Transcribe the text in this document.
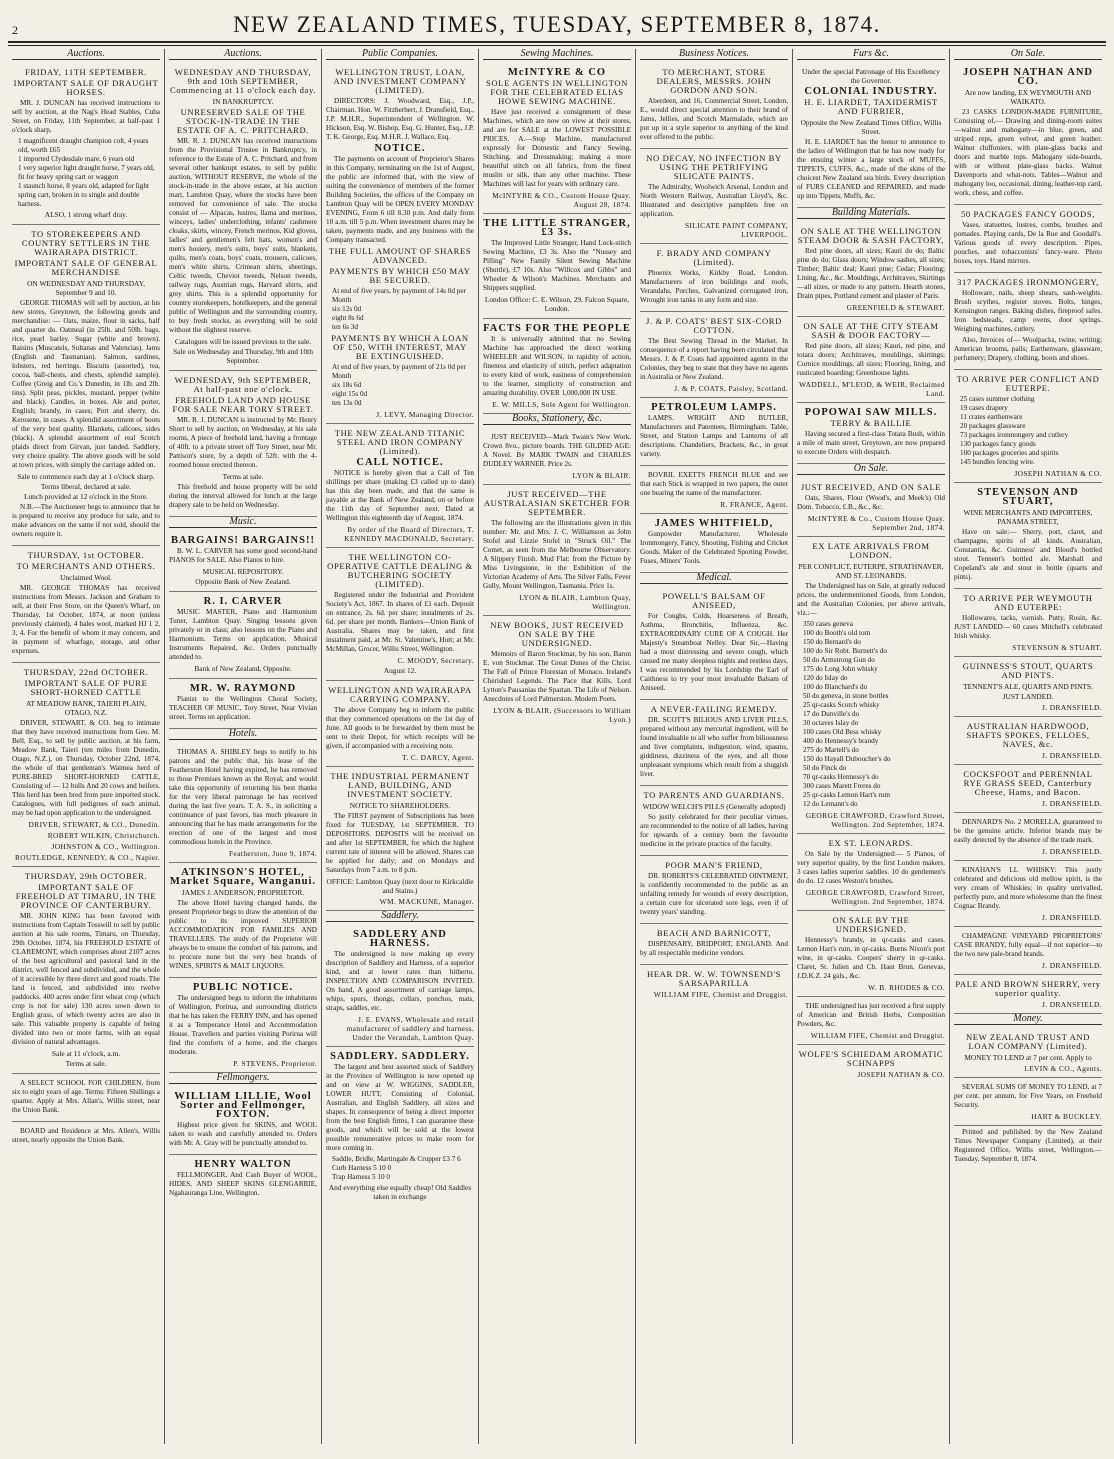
2	NEW ZEALAND TIMES, TUESDAY, SEPTEMBER 8, 1874.
Auctions.
FRIDAY, 11TH SEPTEMBER.
IMPORTANT SALE OF DRAUGHT HORSES.

MR. J. DUNCAN has received instructions to sell by auction, at the Nag's Head Stables, Cuba Street, on Friday, 11th September, at half-past 1 o'clock sharp,

1 magnificent draught champion colt, 4 years old, worth £65

1 imported Clydesdale mare, 6 years old

1 very superior light draught horse, 7 years old, fit for heavy spring cart or waggon

1 staunch horse, 8 years old, adapted for light spring cart, broken in to single and double harness.

ALSO, 1 strong wharf dray.
TO STOREKEEPERS AND COUNTRY SETTLERS IN THE WAIRARAPA DISTRICT.
IMPORTANT SALE OF GENERAL MERCHANDISE
ON WEDNESDAY AND THURSDAY, September 9 and 10.

GEORGE THOMAS will sell by auction, at his new stores, Greytown, the following goods and merchandise: — Oats, maize, flour in sacks, half and quarter do. Oatmeal (in 25lb. and 50lb. bags, rice, pearl barley. Sugar (white and brown). Raisins (Muscatels, Sultanas and Valencias). Jams (English and Tasmanian). Salmon, sardines, lobsters, red herrings. Biscuits (assorted), tea, cocoa, ball-chests, and chests, splendid sample). Coffee (Greig and Co.'s Dunedin, in 1lb. and 2lb. tins). Split peas, pickles, mustard, pepper (white and black). Candles, in boxes. Ale and porter, English; brandy, in cases; Port and sherry, do. Kerosene, in cases. A splendid assortment of boots of the very best quality. Blankets, calicoes, sides (black). A splendid assortment of real Scotch plaids direct from Girvan, just landed. Saddlery, very choice quality. The above goods will be sold at town prices, with simply the carriage added on.

Sale to commence each day at 1 o'clock sharp.
Terms liberal, declared at sale.
Lunch provided at 12 o'clock in the Store.

N.B.—The Auctioneer begs to announce that he is prepared to receive any produce for sale, and to make advances on the same if not sold, should the owners require it.

THURSDAY, 1st OCTOBER.
TO MERCHANTS AND OTHERS.
Unclaimed Wool.

MR. GEORGE THOMAS has received instructions from Messrs. Jackson and Graham to sell, at their Free Store, on the Queen's Wharf, on Thursday, 1st October, 1874, at noon (unless previously claimed), 4 bales wool, marked HJ 1 2, 3, 4. For the benefit of whom it may concern, and in payment of wharfage, storage, and other expenses.

THURSDAY, 22nd OCTOBER.
IMPORTANT SALE OF PURE SHORT-HORNED CATTLE
AT MEADOW BANK, TAIERI PLAIN, OTAGO, N.Z.

DRIVER, STEWART, & CO. beg to intimate that they have received instructions from Geo. M. Bell, Esq., to sell by public auction, at his farm, Meadow Bank, Taieri (ten miles from Dunedin, Otago, N.Z.), on Thursday, October 22nd, 1874, the whole of that gentleman's Waimea herd of PURE-BRED SHORT-HORNED CATTLE, Consisting of — 12 bulls And 20 cows and heifers. This herd has been bred from pure imported stock. Catalogues, with full pedigrees of each animal, may be had upon application to the undersigned.

DRIVER, STEWART, & CO., Dunedin.
ROBERT WILKIN, Christchurch.
JOHNSTON & CO., Wellington.
ROUTLEDGE, KENNEDY, & CO., Napier.
THURSDAY, 29th OCTOBER.
IMPORTANT SALE OF FREEHOLD AT TIMARU, IN THE PROVINCE OF CANTERBURY.

MR. JOHN KING has been favored with instructions from Captain Tosswill to sell by public auction at his sale rooms, Timaru, on Thursday, 29th October, 1874, his FREEHOLD ESTATE of CLAREMONT, which comprises about 2107 acres of the best agricultural and pastoral land in the district, well fenced and subdivided, and the whole of it accessible by three direct and good roads. The land is fenced, and subdivided into twelve paddocks. 400 acres under first wheat crop (which crop is not for sale) 130 acres sown down to English grass, of which twenty acres are also in sale. This valuable property is capable of being divided into two or more farms, with an equal division of natural advantages.

Sale at 11 o'clock, a.m.
Terms at sale.

A SELECT SCHOOL FOR CHILDREN, from six to eight years of age. Terms: Fifteen Shillings a quarter. Apply at Mrs. Allan's, Willis street, near the Union Bank.

BOARD and Residence at Mrs. Allen's, Willis street, nearly opposite the Union Bank.

Auctions.
WEDNESDAY AND THURSDAY, 9th and 10th SEPTEMBER, Commencing at 11 o'clock each day.
IN BANKRUPTCY.
UNRESERVED SALE OF THE STOCK-IN-TRADE IN THE ESTATE OF A. C. PRITCHARD.

MR. R. J. DUNCAN has received instructions from the Provisional Trustee in Bankruptcy, in reference to the Estate of A. C. Pritchard, and from several other bankrupt estates, to sell by public auction, WITHOUT RESERVE, the whole of the stock-in-trade in the above estate, at his auction mart, Lambton Quay, where the stocks have been removed for convenience of sale. The stocks consist of — Alpacas, lustres, llama and merinos, winceys, ladies' underclothing, infants' cashmere cloaks, skirts, wincey, French merinos, Kid gloves, ladies' and gentlemen's felt hats, women's and men's hosiery, men's suits, boys' suits, blankets, quilts, men's coats, boys' coats, trousers, calicoes, men's white shirts, Crimean shirts, sheetings, Celtic tweeds, Cheviot tweeds, Nelson tweeds, railway rugs, Austrian rugs, Harvard shirts, and grey shirts. This is a splendid opportunity for country storekeepers, hotelkeepers, and the general public of Wellington and the surrounding country, to buy fresh stocks, as everything will be sold without the slightest reserve.

Catalogues will be issued previous to the sale.
Sale on Wednesday and Thursday, 9th and 10th September.
WEDNESDAY, 9th SEPTEMBER, At half-past one o'clock.
FREEHOLD LAND AND HOUSE FOR SALE NEAR TORY STREET.

MR. R. J. DUNCAN is instructed by Mr. Henry Short to sell by auction, on Wednesday, at his sale rooms, A piece of freehold land, having a frontage of 40ft. to a private street off Tory Street, near Mr. Pattison's store, by a depth of 52ft. with the 4-roomed house erected thereon.

Terms at sale.

This freehold and house property will be sold during the interval allowed for lunch at the large drapery sale to be held on Wednesday.

Music.
BARGAINS! BARGAINS!!

B. W. L. CARVER has some good second-hand PIANOS for SALE. Also Pianos to hire.

MUSICAL REPOSITORY.
Opposite Bank of New Zealand.
R. I. CARVER

MUSIC MASTER, Piano and Harmonium Tuner, Lambton Quay. Singing lessons given privately or in class; also lessons on the Piano and Harmonium. Terms on application. Musical Instruments Repaired, &c. Orders punctually attended to.

Bank of New Zealand, Opposite.
MR. W. RAYMOND

Pianist to the Wellington Choral Society, TEACHER OF MUSIC, Tory Street, Near Vivian street. Terms on application.

Hotels.

THOMAS A. SHIBLEY begs to notify to his patrons and the public that, his lease of the Featherston Hotel having expired, he has removed to those Premises known as the Royal, and would take this opportunity of returning his best thanks for the very liberal patronage he has received during the last five years. T. A. S., in soliciting a continuance of past favors, has much pleasure in announcing that he has made arrangements for the erection of one of the largest and most commodious hotels in the Province.

Featherston, June 9, 1874.
ATKINSON'S HOTEL, Market Square, Wanganui.
JAMES J. ANDERSON, PROPRIETOR.

The above Hotel having changed hands, the present Proprietor begs to draw the attention of the public to its improved SUPERIOR ACCOMMODATION FOR FAMILIES AND TRAVELLERS. The study of the Proprietor will always be to ensure the comfort of his patrons, and to procure none but the very best brands of WINES, SPIRITS & MALT LIQUORS.

PUBLIC NOTICE.

The undersigned begs to inform the inhabitants of Wellington, Porirua, and surrounding districts that he has taken the FERRY INN, and has opened it as a Temperance Hotel and Accommodation House. Travellers and parties visiting Porirua will find the comforts of a home, and the charges moderate.

P. STEVENS, Proprietor.
Fellmongers.
WILLIAM LILLIE, Wool Sorter and Fellmonger, FOXTON.

Highest price given for SKINS, and WOOL taken to wash and carefully attended to. Orders with Mr. A. Gray will be punctually attended to.

HENRY WALTON

FELLMONGER, And Cash Buyer of WOOL, HIDES, AND SHEEP SKINS GLENGARRIE, Ngahauranga Line, Wellington.

Public Companies.
WELLINGTON TRUST, LOAN, AND INVESTMENT COMPANY (LIMITED).

DIRECTORS: J. Woodward, Esq., J.P., Chairman. Hon. W. Fitzherbert, J. Dransfield, Esq., J.P. M.H.R., Superintendent of Wellington. W. Hickson, Esq. W. Bishop, Esq. G. Hunter, Esq., J.P. T. K. George, Esq. M.H.R. J. Wallace, Esq.

NOTICE.

The payments on account of Proprietor's Shares in this Company, terminating on the 1st of August, the public are informed that, with the view of suiting the convenience of members of the former Building Societies, the offices of the Company on Lambton Quay will be OPEN EVERY MONDAY EVENING, From 6 till 8.30 p.m. And daily from 10 a.m. till 5 p.m. When investment shares may be taken, payments made, and any business with the Company transacted.

THE FULL AMOUNT OF SHARES ADVANCED.
PAYMENTS BY WHICH £50 MAY BE SECURED.

At end of five years, by payment of 14s 0d per Month

six 12s 0d

eight 8s 6d

ten 6s 3d

PAYMENTS BY WHICH A LOAN OF £50, WITH INTEREST, MAY BE EXTINGUISHED.

At end of five years, by payment of 21s 0d per Month

six 18s 6d

eight 15s 0d

ten 13s 0d

J. LEVY, Managing Director.
THE NEW ZEALAND TITANIC STEEL AND IRON COMPANY (Limited).
CALL NOTICE.

NOTICE is hereby given that a Call of Ten shillings per share (making £3 called up to date) has this day been made, and that the same is payable at the Bank of New Zealand, on or before the 11th day of September next. Dated at Wellington this eighteenth day of August, 1874.

By order of the Board of Directors, T. KENNEDY MACDONALD, Secretary.
THE WELLINGTON CO-OPERATIVE CATTLE DEALING & BUTCHERING SOCIETY (LIMITED).

Registered under the Industrial and Provident Society's Act, 1867. In shares of £1 each. Deposit on entrance, 2s. 6d. per share; instalments of 2s. 6d. per share per month. Bankers—Union Bank of Australia. Shares may be taken, and first instalment paid, at Mr. St. Valentine's, Hutt; at Mr. McMillan, Grocer, Willis Street, Wellington.

C. MOODY, Secretary.
August 12.
WELLINGTON AND WAIRARAPA CARRYING COMPANY.

The above Company beg to inform the public that they commenced operations on the 1st day of June. All goods to be forwarded by them must be sent to their Depot, for which receipts will be given, if accompanied with a receiving note.

T. C. DARCY, Agent.
THE INDUSTRIAL PERMANENT LAND, BUILDING, AND INVESTMENT SOCIETY.
NOTICE TO SHAREHOLDERS.

The FIRST payment of Subscriptions has been fixed for TUESDAY, 1st SEPTEMBER. TO DEPOSITORS. DEPOSITS will be received on and after 1st SEPTEMBER, for which the highest current rate of interest will be allowed. Shares can be applied for daily; and on Mondays and Saturdays from 7 a.m. to 8 p.m.

OFFICE: Lambton Quay (next door to Kirkcaldie and Stains.)
WM. MACKUNE, Manager.
Saddlery.
SADDLERY AND HARNESS.

The undersigned is now making up every description of Saddlery and Harness, of a superior kind, and at lower rates than hitherto. INSPECTION AND COMPARISON INVITED. On hand, A good assortment of carriage lamps, whips, spurs, thongs, collars, ponchos, mats, straps, saddles, etc.

J. E. EVANS, Wholesale and retail manufacturer of saddlery and harness. Under the Verandah, Lambton Quay.
SADDLERY. SADDLERY.

The largest and best assorted stock of Saddlery in the Province of Wellington is now opened up and on view at W. WIGGINS, SADDLER, LOWER HUTT, Consisting of Colonial, Australian, and English Saddlery, all sizes and shapes. In consequence of being a direct importer from the best English firms, I can guarantee these goods, and which will be sold at the lowest possible remunerative prices to make room for more coming in.

Saddle, Bridle, Martingale & Crupper £3 7 6

Curb Harness 5 10 0

Trap Harness 5 10 0

And everything else equally cheap! Old Saddles taken in exchange
Sewing Machines.
McINTYRE & CO
SOLE AGENTS IN WELLINGTON FOR THE CELEBRATED ELIAS HOWE SEWING MACHINE.

Have just received a consignment of these Machines, which are now on view at their stores, and are for SALE at the LOWEST POSSIBLE PRICES. A.—Stop Machine, manufactured expressly for Domestic and Fancy Sewing, Stitching, and Dressmaking; making a more beautiful stitch on all fabrics, from the finest muslin or silk, than any other machine. These Machines will last for years with ordinary care.

McINTYRE & CO., Custom House Quay. August 28, 1874.
THE LITTLE STRANGER, £3 3s.

The Improved Little Stranger, Hand Lock-stitch Sewing Machine, £3 3s. Also the "Nussey and Pilling" New Family Silent Sewing Machine (Shuttle), £7 10s. Also "Willcox and Gibbs" and Wheeler & Wilson's Machines. Merchants and Shippers supplied.

London Office: C. E. Wilson, 29, Falcon Square, London.
FACTS FOR THE PEOPLE

It is universally admitted that no Sewing Machine has approached the direct working WHEELER and WILSON, in rapidity of action, fineness and elasticity of stitch, perfect adaptation to every kind of work, easiness of comprehension to the learner, simplicity of construction and amazing durability. OVER 1,000,000 IN USE.

E. W. MILLS, Sole Agent for Wellington.
Books, Stationery, &c.

JUST RECEIVED—Mark Twain's New Work. Crown 8vo., picture boards. THE GILDED AGE: A Novel. By MARK TWAIN and CHARLES DUDLEY WARNER. Price 2s.

LYON & BLAIR.
JUST RECEIVED—THE AUSTRALASIAN SKETCHER FOR SEPTEMBER.

The following are the illustrations given in this number: Mr. and Mrs. J. C. Williamson as John Stofel and Lizzie Stofel in "Struck Oil." The Comet, as seen from the Melbourne Observatory. A Slippery Finish. Mud Flat: from the Picture by Miss Livingstone, in the Exhibition of the Victorian Academy of Arts. The Silver Falls, Fever Gully, Mount Wellington, Tasmania. Price 1s.

LYON & BLAIR, Lambton Quay, Wellington.
NEW BOOKS, JUST RECEIVED ON SALE BY THE UNDERSIGNED.

Memoirs of Baron Stockmar, by his son, Baron E. von Stockmar. The Great Dunes of the Christ. The Fall of Prince Florestan of Monaco. Ireland's Cherished Legends. The Pace that Kills. Lord Lytton's Pausanias the Spartan. The Life of Nelson. Anecdotes of Lord Palmerston. Modern Poets.

LYON & BLAIR, (Successors to William Lyon.)
Business Notices.
TO MERCHANT, STORE DEALERS, MESSRS. JOHN GORDON AND SON.

Aberdeen, and 16, Commercial Street, London, E., would direct special attention to their brand of Jams, Jellies, and Scotch Marmalade, which are put up in a style superior to anything of the kind ever offered to the public.

NO DECAY, NO INFECTION BY USING THE PETRIFYING SILICATE PAINTS.

The Admiralty, Woolwich Arsenal, London and North Western Railway, Australian Lloyd's, &c. Illustrated and descriptive pamphlets free on application.

SILICATE PAINT COMPANY, LIVERPOOL.
F. BRADY AND COMPANY (Limited).

Phoenix Works, Kirkby Road, London. Manufacturers of iron buildings and roofs, Verandahs, Porches, Galvanized corrugated iron, Wrought iron tanks in any form and size.

J. & P. COATS' BEST SIX-CORD COTTON.

The Best Sewing Thread in the Market. In consequence of a report having been circulated that Messrs. J. & P. Coats had appointed agents in the Colonies, they beg to state that they have no agents in Australia or New Zealand.

J. & P. COATS, Paisley, Scotland.
PETROLEUM LAMPS.

LAMPS. WRIGHT AND BUTLER, Manufacturers and Patentees, Birmingham. Table, Street, and Station Lamps and Lanterns of all descriptions. Chandeliers, Brackets, &c., in great variety.

BOVRIL EXETTS FRENCH BLUE and see that each Stick is wrapped in two papers, the outer one bearing the name of the manufacturer.

R. FRANCE, Agent.
JAMES WHITFIELD,

Gunpowder Manufacturer, Wholesale Ironmongery, Fancy, Shooting, Fishing and Cricket Goods. Maker of the Celebrated Sporting Powder, Fuses, Miners' Tools.

Medical.
POWELL'S BALSAM OF ANISEED,

For Coughs, Colds, Hoarseness of Breath, Asthma, Bronchitis, Influenza, &c. EXTRAORDINARY CURE OF A COUGH. Her Majesty's Steamboat Nelley. Dear Sir,—Having had a most distressing and severe cough, which caused me many sleepless nights and restless days, I was recommended by his Lordship the Earl of Caithness to try your most invaluable Balsam of Aniseed.

A NEVER-FAILING REMEDY.

DR. SCOTT'S BILIOUS AND LIVER PILLS, prepared without any mercurial ingredient, will be found invaluable to all who suffer from biliousness and liver complaints, indigestion, wind, spasms, giddiness, dizziness of the eyes, and all those unpleasant symptoms which result from a sluggish liver.

TO PARENTS AND GUARDIANS.
WIDOW WELCH'S PILLS (Generally adopted)

So justly celebrated for their peculiar virtues, are recommended to the notice of all ladies, having for upwards of a century been the favourite medicine in the private practice of the faculty.

POOR MAN'S FRIEND,

DR. ROBERTS'S CELEBRATED OINTMENT, is confidently recommended to the public as an unfailing remedy for wounds of every description, a certain cure for ulcerated sore legs, even if of twenty years' standing.

BEACH AND BARNICOTT,

DISPENSARY, BRIDPORT, ENGLAND. And by all respectable medicine vendors.

HEAR DR. W. W. TOWNSEND'S SARSAPARILLA
WILLIAM FIFE, Chemist and Druggist.
Furs &c.
Under the special Patronage of His Excellency the Governor.
COLONIAL INDUSTRY.
H. E. LIARDET, TAXIDERMIST AND FURRIER,
Opposite the New Zealand Times Office, Willis Street.

H. E. LIARDET has the honor to announce to the ladies of Wellington that he has now ready for the ensuing winter a large stock of MUFFS, TIPPETS, CUFFS, &c., made of the skins of the choicest New Zealand sea birds. Every description of FURS CLEANED and REPAIRED, and made up into Tippets, Muffs, &c.

Building Materials.
ON SALE AT THE WELLINGTON STEAM DOOR & SASH FACTORY,

Red pine doors, all sizes; Kauri do do; Baltic pine do do; Glass doors; Window sashes, all sizes; Timber; Baltic deal; Kauri pine; Cedar; Flooring; Lining, &c., &c. Mouldings, Architraves, Skirtings—all sizes, or made to any pattern. Hearth stones, Drain pipes, Portland cement and plaster of Paris.

GREENFIELD & STEWART.
ON SALE AT THE CITY STEAM SASH & DOOR FACTORY—

Red pine doors, all sizes; Kauri, red pine, and totara doors; Architraves, mouldings, skirtings; Cornice mouldings, all sizes; Flooring, lining, and rusticated boarding; Greenhouse lights.

WADDELL, M'LEOD, & WEIR, Reclaimed Land.
POPOWAI SAW MILLS.
TERRY & BAILLIE

Having secured a first-class Totara Bush, within a mile of main street, Greytown, are now prepared to execute Orders with despatch.

On Sale.
JUST RECEIVED, AND ON SALE

Oats, Shares, Flour (Wood's, and Meek's) Old Dom. Tobacco, £.B., &c., &c.

McINTYRE & Co., Custom House Quay. September 2nd, 1874.
EX LATE ARRIVALS FROM LONDON.
PER CONFLICT, EUTERPE, STRATHNAVER, AND ST. LEONARDS.

The Undersigned has on Sale, at greatly reduced prices, the undermentioned Goods, from London, and the Australian Colonies, per above arrivals, viz.:—

350 cases geneva

100 do Booth's old tom

150 do Bernard's do

100 do Sir Robt. Burnett's do

50 do Armstrong Gun do

175 do Long John whisky

120 do Islay do

100 do Blanchard's do

50 do geneva, in stone bottles

25 qr-casks Scotch whisky

17 do Dunville's do

30 octaves Islay do

100 cases Old Bess whisky

400 do Hennessy's brandy

275 do Martell's do

150 do Hayall Duboucher's do

50 do Finck do

70 qr-casks Hennessy's do

300 cases Marett Freres do

25 qr-casks Lemon Hart's rum

12 do Lemann's do

GEORGE CRAWFORD, Crawford Street, Wellington. 2nd September, 1874.
EX ST. LEONARDS.

On Sale by the Undersigned:— 5 Pianos, of very superior quality, by the first London makers. 3 cases ladies superior saddles. 10 do gentlemen's do do. 12 cases Weston's brushes.

GEORGE CRAWFORD, Crawford Street, Wellington. 2nd September, 1874.
ON SALE BY THE UNDERSIGNED.

Hennessy's brandy, in qr-casks and cases. Lemon Hart's rum, in qr-casks. Burns Nixon's port wine, in qr-casks. Coopers' sherry in qr-casks. Claret, St. Julien and Ch. Haut Brun. Genevas, J.D.K.Z. 24 gals., &c.

W. B. RHODES & CO.

THE undersigned has just received a first supply of American and British Herbs, Composition Powders, &c.

WILLIAM FIFE, Chemist and Druggist.
WOLFE'S SCHIEDAM AROMATIC SCHNAPPS
JOSEPH NATHAN & CO.
On Sale.
JOSEPH NATHAN AND CO.
Are now landing, EX WEYMOUTH AND WAIKATO.

23 CASKS LONDON-MADE FURNITURE, Consisting of,— Drawing and dining-room suites—walnut and mahogany—in blue, green, and striped reps, green velvet, and green leather. Walnut chiffoniers, with plate-glass backs and doors and marble tops. Mahogany side-boards, with or without plate-glass backs. Walnut Davenports and what-nots. Tables—Walnut and mahogany loo, occasional, dining, leather-top card, work, chess, and coffee.

50 PACKAGES FANCY GOODS,

Vases, statuettes, lustres, combs, brushes and pomades. Playing cards, De la Rue and Goodall's. Various goods of every description. Pipes, pouches, and tobacconists' fancy-ware. Photo boxes, toys. Hand mirrors.

317 PACKAGES IRONMONGERY,

Holloware, nails, sheep shears, sash-weights. Brush scythes, register stoves. Bolts, hinges, Kensington ranges. Baking dishes, fireproof safes. Iron bedsteads, camp ovens, door springs. Weighing machines, cutlery.

Also, Invoices of— Woolpacks, twine, writing; American brooms, pails; Earthenware, glassware, perfumery; Drapery, clothing, boots and shoes.

TO ARRIVE PER CONFLICT AND EUTERPE.

25 cases summer clothing

19 cases drapery

11 crates earthenware

20 packages glassware

73 packages ironmongery and cutlery

130 packages fancy goods

100 packages groceries and spirits

145 bundles fencing wire.

JOSEPH NATHAN & CO.
STEVENSON AND STUART,
WINE MERCHANTS AND IMPORTERS, PANAMA STREET,

Have on sale:— Sherry, port, claret, and champagne, spirits of all kinds. Australian, Constantia, &c. Guinness' and Blood's bottled stout. Tennent's bottled ale. Marshall and Copeland's ale and stout in bottle (quarts and pints).

TO ARRIVE PER WEYMOUTH AND EUTERPE:

Hollowares, tacks, varnish. Putty, Rosin, &c. JUST LANDED— 60 cases Mitchell's celebrated Irish whisky.

STEVENSON & STUART.
GUINNESS'S STOUT, QUARTS AND PINTS.
TENNENT'S ALE, QUARTS AND PINTS.
JUST LANDED.
J. DRANSFIELD.
AUSTRALIAN HARDWOOD, SHAFTS SPOKES, FELLOES, NAVES, &c.
J. DRANSFIELD.
COCKSFOOT and PERENNIAL RYE GRASS SEED, Canterbury Cheese, Hams, and Bacon.
J. DRANSFIELD.

DENNARD'S No. 2 MORELLA, guaranteed to be the genuine article. Inferior brands may be easily detected by the absence of the trade mark.

J. DRANSFIELD.

KINAHAN'S LL WHISKY: This justly celebrated and delicious old mellow spirit, is the very cream of Whiskies; in quality unrivalled, perfectly pure, and more wholesome than the finest Cognac Brandy.

J. DRANSFIELD.

CHAMPAGNE VINEYARD PROPRIETORS' CASE BRANDY, fully equal—if not superior—to the two new pale-brand brands.

J. DRANSFIELD.
PALE AND BROWN SHERRY, very superior quality.
J. DRANSFIELD.
Money.
NEW ZEALAND TRUST AND LOAN COMPANY (Limited).
MONEY TO LEND at 7 per cent. Apply to
LEVIN & CO., Agents.

SEVERAL SUMS OF MONEY TO LEND, at 7 per cent. per annum, for Five Years, on Freehold Security.

HART & BUCKLEY.

Printed and published by the New Zealand Times Newspaper Company (Limited), at their Registered Office, Willis street, Wellington.—Tuesday, September 8, 1874.
